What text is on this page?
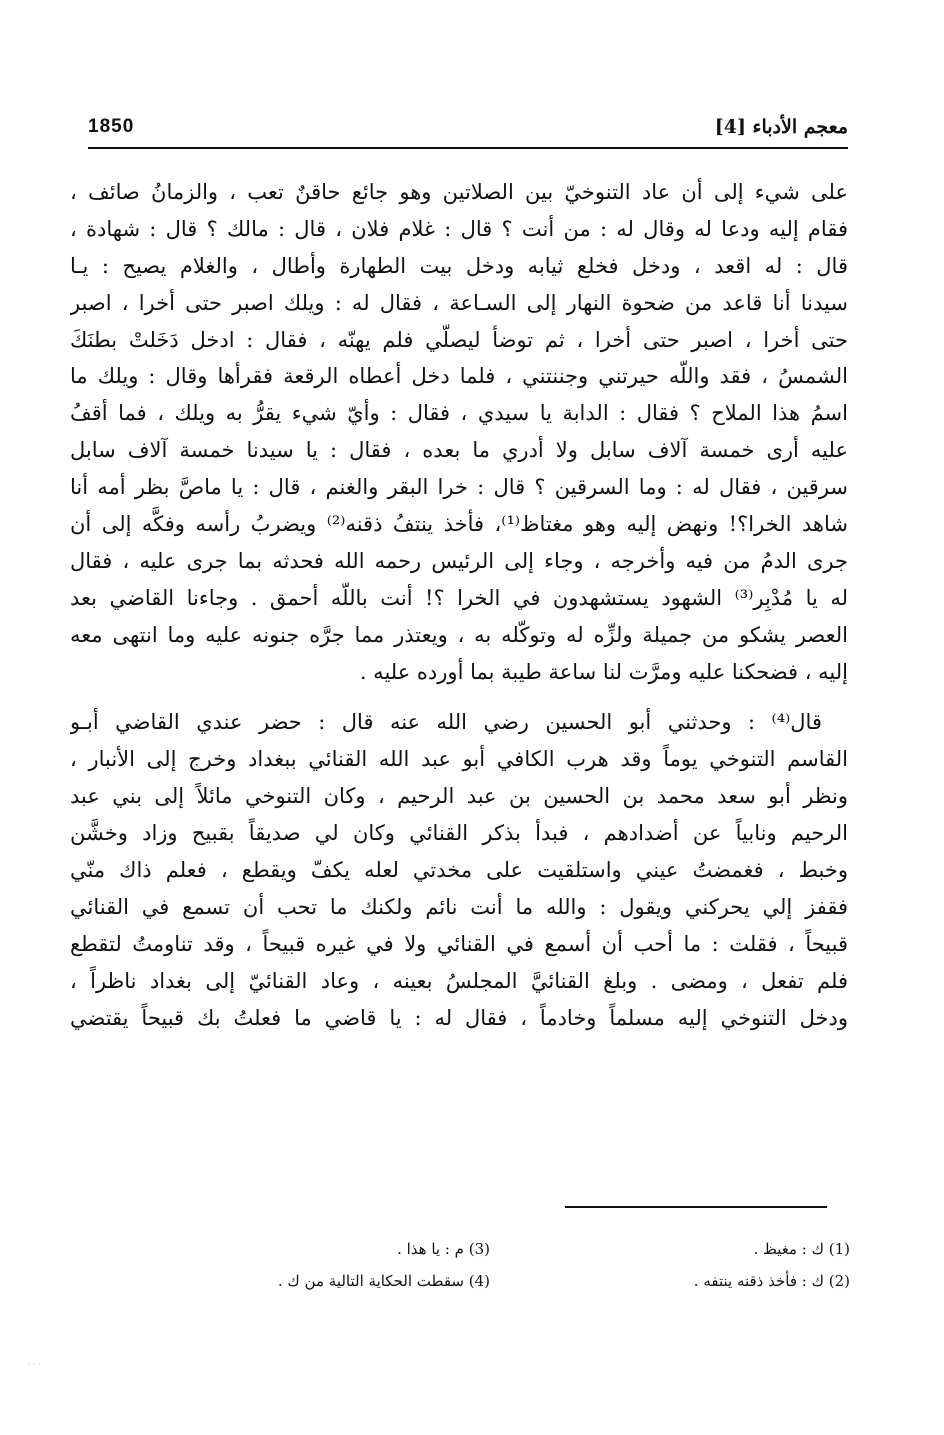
معجم الأدباء [4]
1850
على شيء إلى أن عاد التنوخيّ بين الصلاتين وهو جائع حاقنٌ تعب ، والزمانُ صائف ،
فقام إليه ودعا له وقال له : من أنت ؟ قال : غلام فلان ، قال : مالك ؟ قال : شهادة ،
قال : له اقعد ، ودخل فخلع ثيابه ودخل بيت الطهارة وأطال ، والغلام يصيح : يـا
سيدنا أنا قاعد من ضحوة النهار إلى السـاعة ، فقال له : ويلك اصبر حتى أخرا ، اصبر
حتى أخرا ، اصبر حتى أخرا ، ثم توضأ ليصلّي فلم يهنّه ، فقال : ادخل دَخَلتْ بطنَكَ
الشمسُ ، فقد واللّه حيرتني وجننتني ، فلما دخل أعطاه الرقعة فقرأها وقال : ويلك ما
اسمُ هذا الملاح ؟ فقال : الدابة يا سيدي ، فقال : وأيّ شيء يقرُّ به ويلك ، فما أقفُ
عليه أرى خمسة آلاف سابل ولا أدري ما بعده ، فقال : يا سيدنا خمسة آلاف سابل
سرقين ، فقال له : وما السرقين ؟ قال : خرا البقر والغنم ، قال : يا ماصَّ بظر أمه أنا
شاهد الخرا؟! ونهض إليه وهو مغتاظ⁽¹⁾، فأخذ ينتفُ ذقنه⁽²⁾ ويضربُ رأسه وفكَّه إلى أن
جرى الدمُ من فيه وأخرجه ، وجاء إلى الرئيس رحمه الله فحدثه بما جرى عليه ، فقال
له يا مُدْبِر⁽³⁾ الشهود يستشهدون في الخرا ؟! أنت باللّه أحمق . وجاءنا القاضي بعد
العصر يشكو من جميلة ولزِّه له وتوكّله به ، ويعتذر مما جرَّه جنونه عليه وما انتهى معه
إليه ، فضحكنا عليه ومرَّت لنا ساعة طيبة بما أورده عليه .
قال⁽⁴⁾ : وحدثني أبو الحسين رضي الله عنه قال : حضر عندي القاضي أبـو
القاسم التنوخي يوماً وقد هرب الكافي أبو عبد الله القنائي ببغداد وخرج إلى الأنبار ،
ونظر أبو سعد محمد بن الحسين بن عبد الرحيم ، وكان التنوخي مائلاً إلى بني عبد
الرحيم ونابياً عن أضدادهم ، فبدأ بذكر القنائي وكان لي صديقاً بقبيح وزاد وخشَّن
وخبط ، فغمضتُ عيني واستلقيت على مخدتي لعله يكفّ ويقطع ، فعلم ذاك منّي
فقفز إلي يحركني ويقول : والله ما أنت نائم ولكنك ما تحب أن تسمع في القنائي
قبيحاً ، فقلت : ما أحب أن أسمع في القنائي ولا في غيره قبيحاً ، وقد تناومتُ لتقطع
فلم تفعل ، ومضى . وبلغ القنائيَّ المجلسُ بعينه ، وعاد القنائيّ إلى بغداد ناظراً ،
ودخل التنوخي إليه مسلماً وخادماً ، فقال له : يا قاضي ما فعلتُ بك قبيحاً يقتضي
(1) ك : مغيظ .
(3) م : يا هذا .
(2) ك : فأخذ ذقنه ينتفه .
(4) سقطت الحكاية التالية من ك .
· · ·
